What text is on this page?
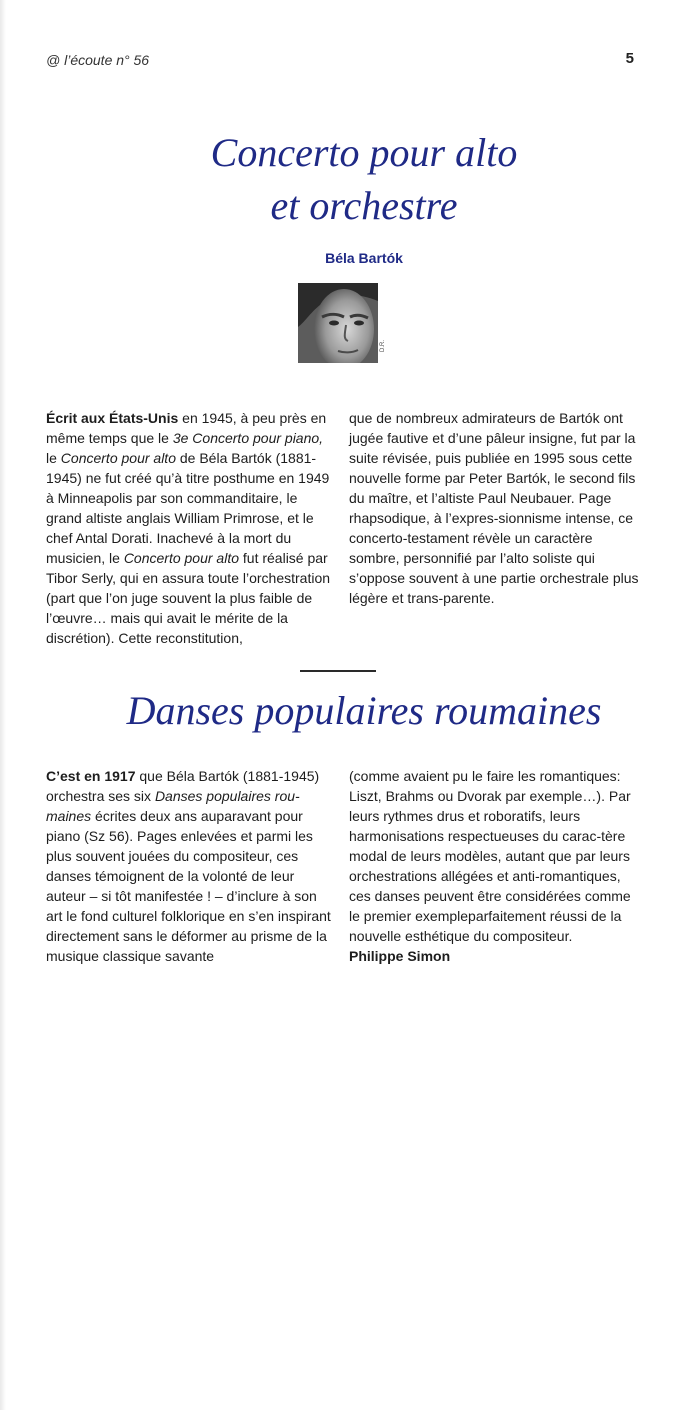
@ l’écoute n° 56	5
Concerto pour alto
et orchestre
Béla Bartók
D.R.

Écrit aux États-Unis en 1945, à peu près en même temps que le 3e Concerto pour piano, le Concerto pour alto de Béla Bartók (1881-1945) ne fut créé qu’à titre posthume en 1949 à Minneapolis par son commanditaire, le grand altiste anglais William Primrose, et le chef Antal Dorati. Inachevé à la mort du musicien, le Concerto pour alto fut réalisé par Tibor Serly, qui en assura toute l’orchestration (part que l’on juge souvent la plus faible de l’œuvre… mais qui avait le mérite de la discrétion). Cette reconstitution,

que de nombreux admirateurs de Bartók ont jugée fautive et d’une pâleur insigne, fut par la suite révisée, puis publiée en 1995 sous cette nouvelle forme par Peter Bartók, le second fils du maître, et l’altiste Paul Neubauer. Page rhapsodique, à l’expres-sionnisme intense, ce concerto-testament révèle un caractère sombre, personnifié par l’alto soliste qui s’oppose souvent à une partie orchestrale plus légère et trans-parente.

Danses populaires roumaines

C’est en 1917 que Béla Bartók (1881-1945) orchestra ses six Danses populaires rou-maines écrites deux ans auparavant pour piano (Sz 56). Pages enlevées et parmi les plus souvent jouées du compositeur, ces danses témoignent de la volonté de leur auteur – si tôt manifestée ! – d’inclure à son art le fond culturel folklorique en s’en inspirant directement sans le déformer au prisme de la musique classique savante

(comme avaient pu le faire les romantiques: Liszt, Brahms ou Dvorak par exemple…). Par leurs rythmes drus et roboratifs, leurs harmonisations respectueuses du carac-tère modal de leurs modèles, autant que par leurs orchestrations allégées et anti-romantiques, ces danses peuvent être considérées comme le premier exempleparfaitement réussi de la nouvelle esthétique du compositeur.

Philippe Simon
